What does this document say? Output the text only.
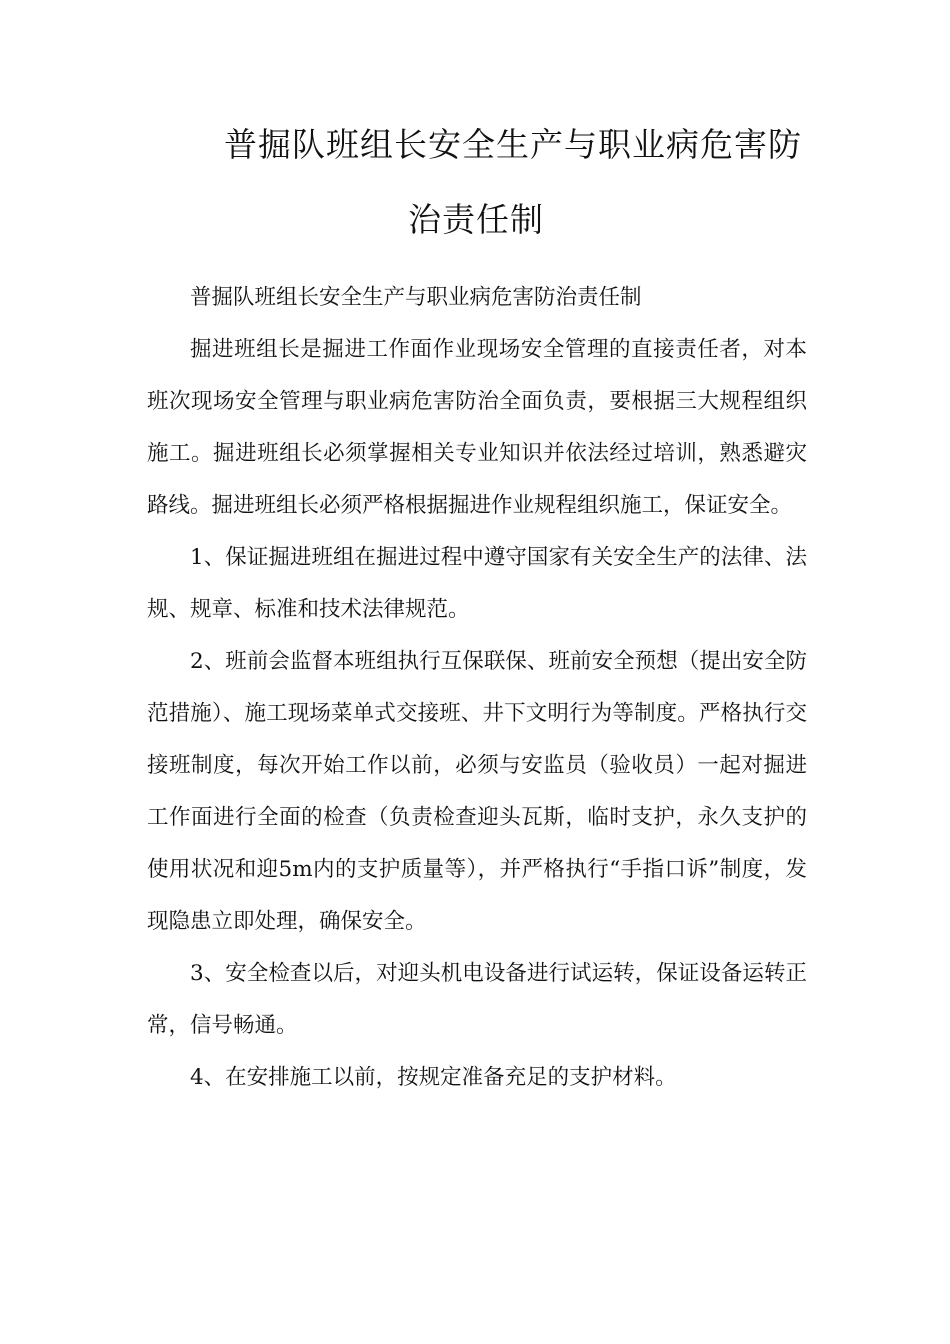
普掘队班组长安全生产与职业病危害防
治责任制

普掘队班组长安全生产与职业病危害防治责任制

掘进班组长是掘进工作面作业现场安全管理的直接责任者，对本班次现场安全管理与职业病危害防治全面负责，要根据三大规程组织施工。掘进班组长必须掌握相关专业知识并依法经过培训，熟悉避灾路线。掘进班组长必须严格根据掘进作业规程组织施工，保证安全。

1、保证掘进班组在掘进过程中遵守国家有关安全生产的法律、法规、规章、标准和技术法律规范。

2、班前会监督本班组执行互保联保、班前安全预想（提出安全防范措施）、施工现场菜单式交接班、井下文明行为等制度。严格执行交接班制度，每次开始工作以前，必须与安监员（验收员）一起对掘进工作面进行全面的检查（负责检查迎头瓦斯，临时支护，永久支护的使用状况和迎5m内的支护质量等），并严格执行“手指口诉”制度，发现隐患立即处理，确保安全。

3、安全检查以后，对迎头机电设备进行试运转，保证设备运转正常，信号畅通。

4、在安排施工以前，按规定准备充足的支护材料。
